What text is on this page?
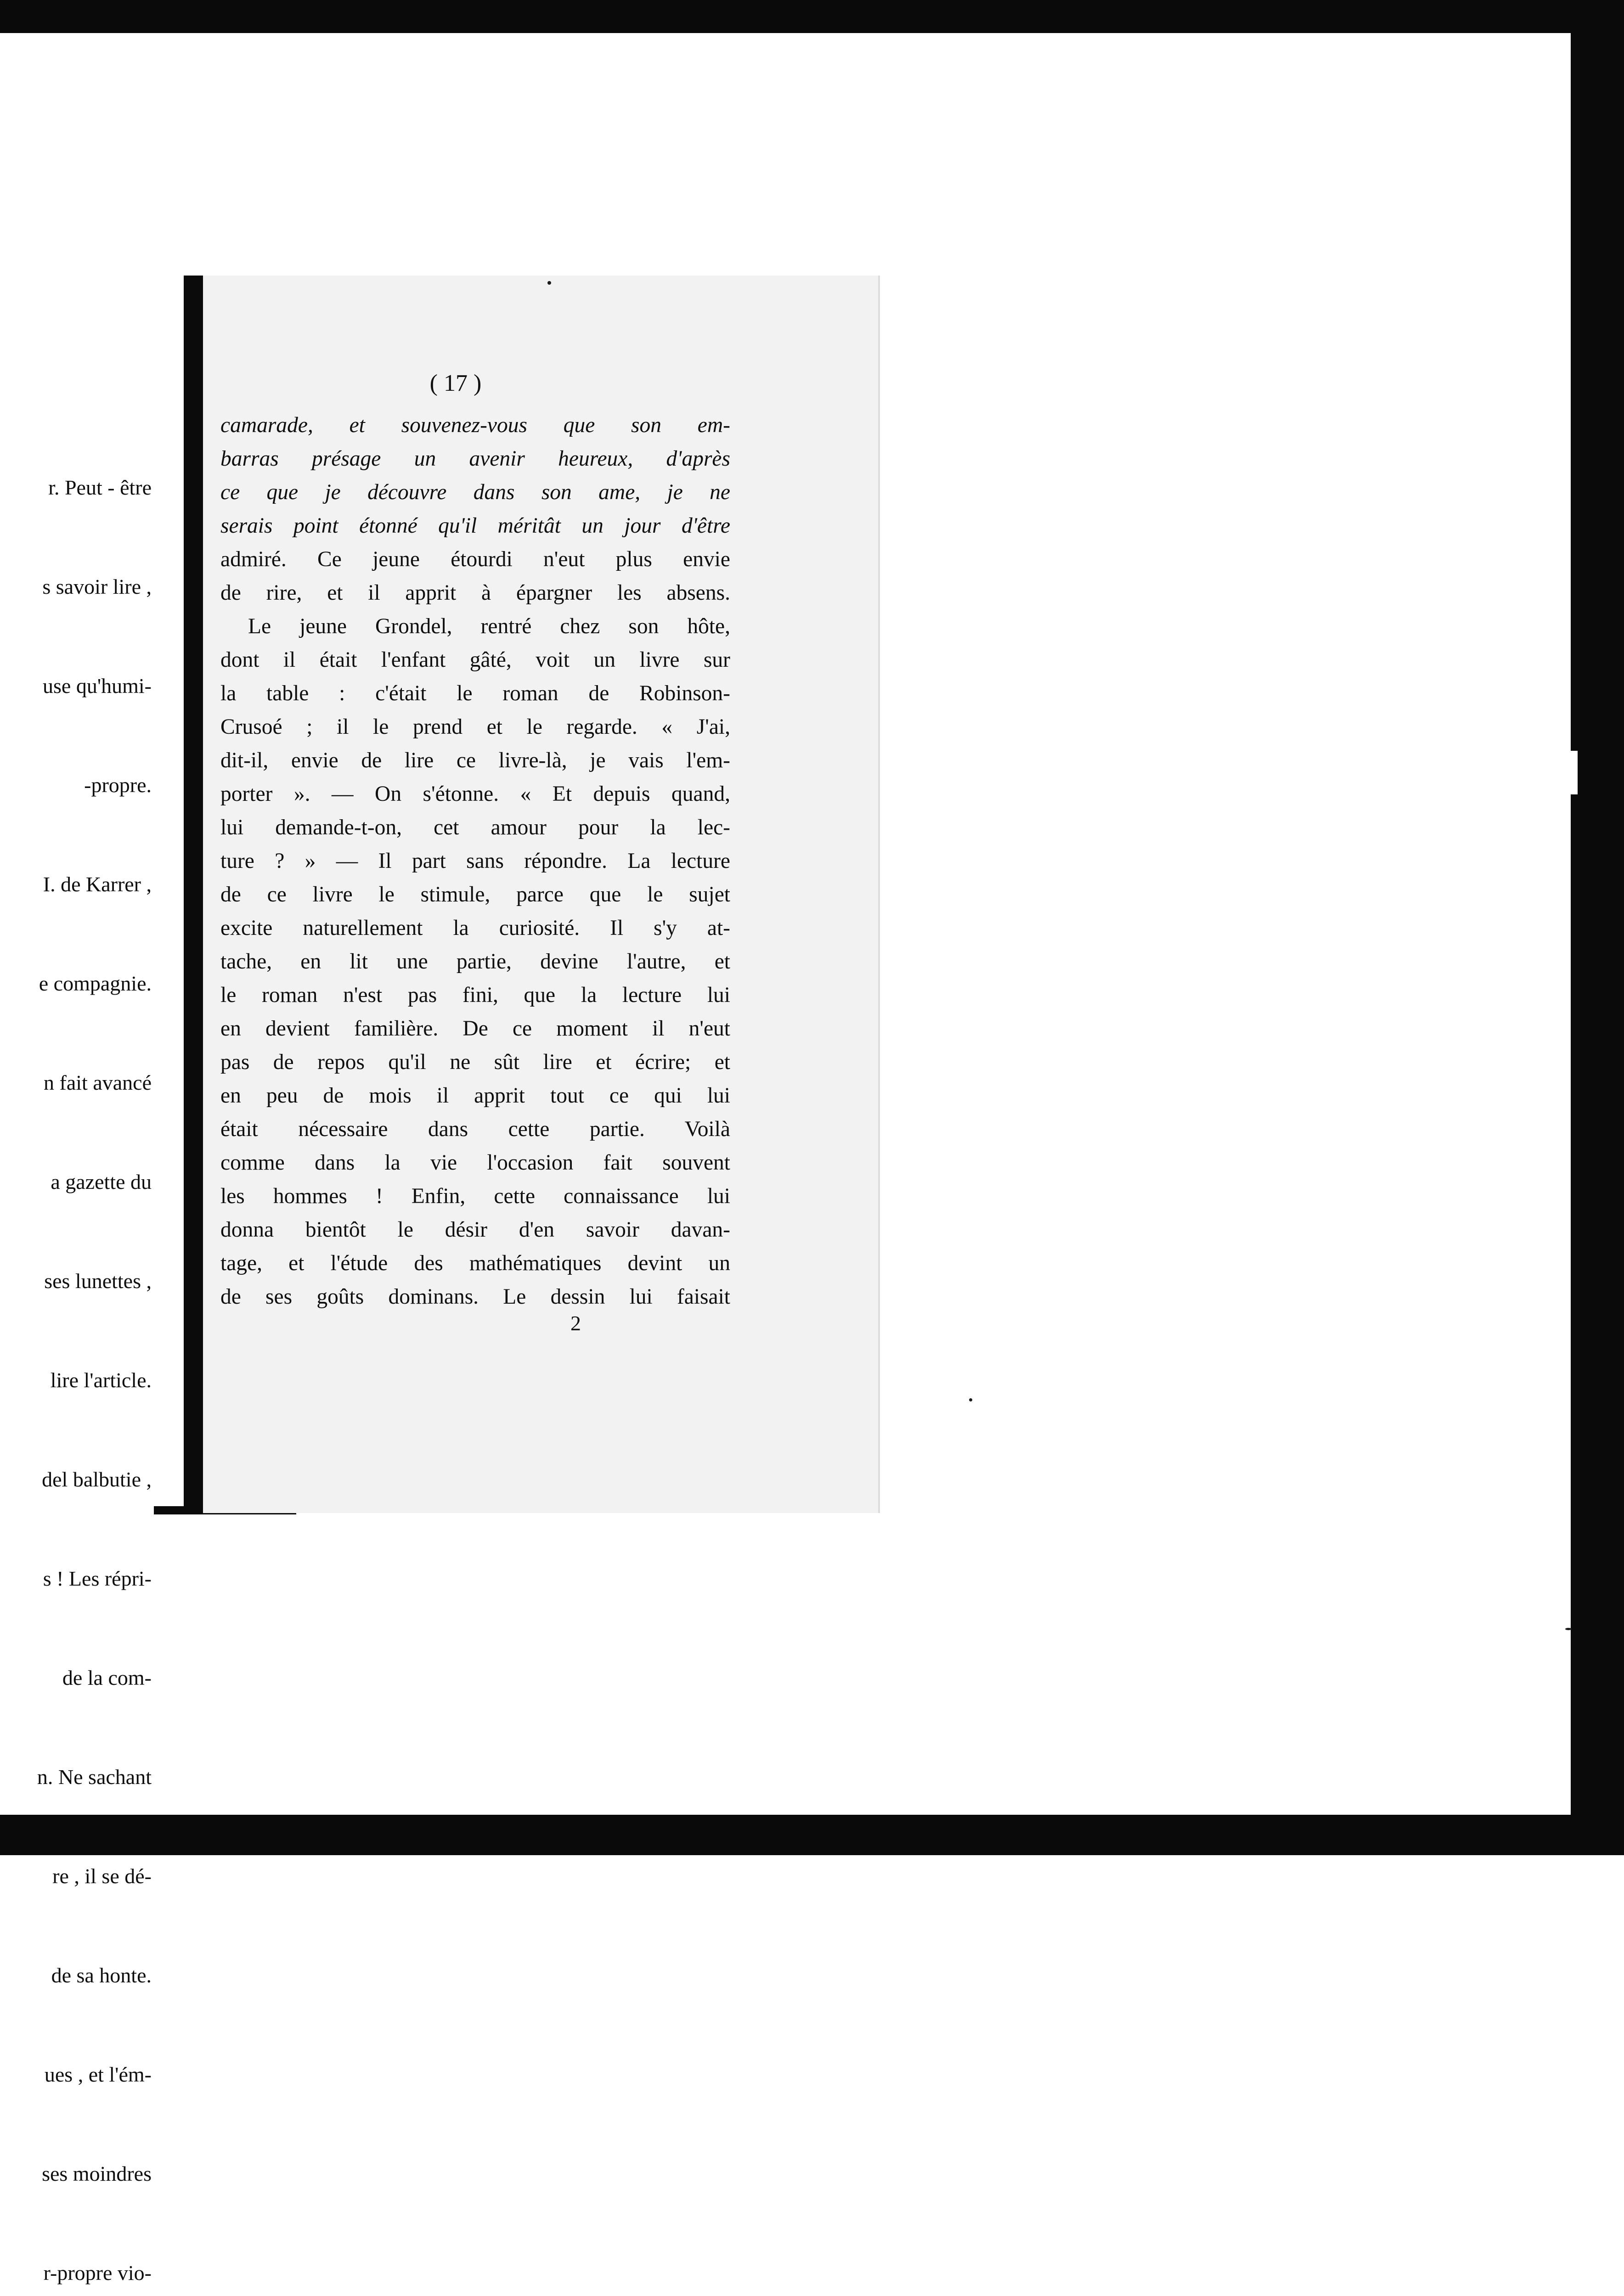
r. Peut - être

s savoir lire ,

use qu'humi-

-propre.

I. de Karrer ,

e compagnie.

n fait avancé

a gazette du

ses lunettes ,

lire l'article.

del balbutie ,

s ! Les répri-

de la com-

n. Ne sachant

re , il se dé-

de sa honte.

ues , et l'ém-

ses moindres

r-propre vio-

( 17 )
camarade, et souvenez-vous que son em-
barras présage un avenir heureux, d'après
ce que je découvre dans son ame, je ne
serais point étonné qu'il méritât un jour d'être
admiré. Ce jeune étourdi n'eut plus envie
de rire, et il apprit à épargner les absens.
Le jeune Grondel, rentré chez son hôte,
dont il était l'enfant gâté, voit un livre sur
la table : c'était le roman de Robinson-
Crusoé ; il le prend et le regarde. « J'ai,
dit-il, envie de lire ce livre-là, je vais l'em-
porter ». — On s'étonne. « Et depuis quand,
lui demande-t-on, cet amour pour la lec-
ture ? » — Il part sans répondre. La lecture
de ce livre le stimule, parce que le sujet
excite naturellement la curiosité. Il s'y at-
tache, en lit une partie, devine l'autre, et
le roman n'est pas fini, que la lecture lui
en devient familière. De ce moment il n'eut
pas de repos qu'il ne sût lire et écrire; et
en peu de mois il apprit tout ce qui lui
était nécessaire dans cette partie. Voilà
comme dans la vie l'occasion fait souvent
les hommes ! Enfin, cette connaissance lui
donna bientôt le désir d'en savoir davan-
tage, et l'étude des mathématiques devint un
de ses goûts dominans. Le dessin lui faisait
2
